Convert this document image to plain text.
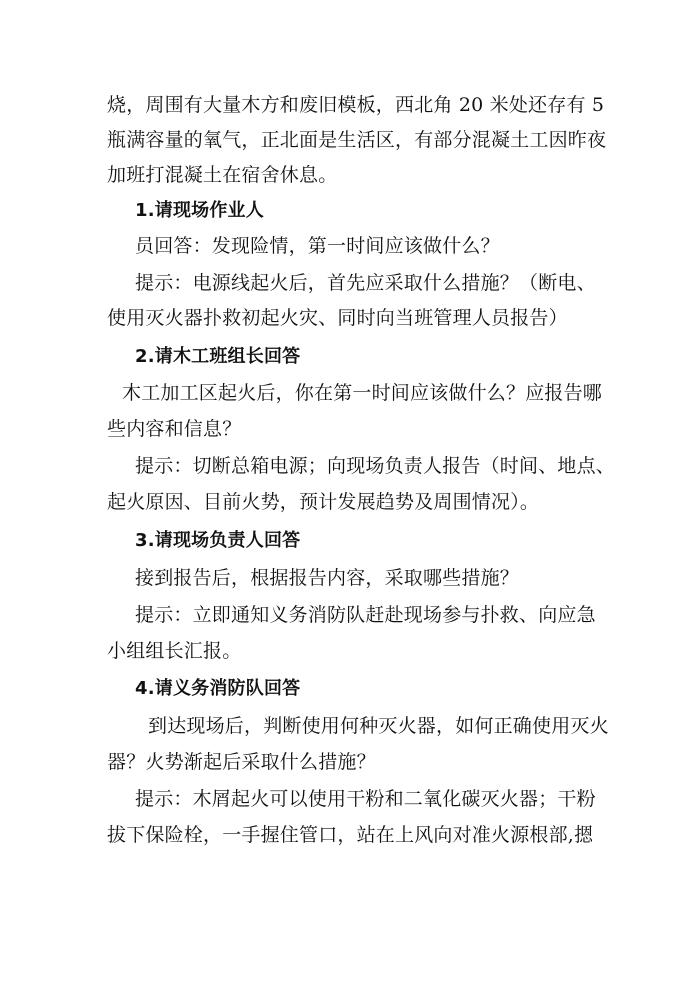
烧，周围有大量木方和废旧模板，西北角 20 米处还存有 5
瓶满容量的氧气，正北面是生活区，有部分混凝土工因昨夜
加班打混凝土在宿舍休息。
1.请现场作业人
员回答：发现险情，第一时间应该做什么？
提示：电源线起火后，首先应采取什么措施？（断电、
使用灭火器扑救初起火灾、同时向当班管理人员报告）
2.请木工班组长回答
木工加工区起火后，你在第一时间应该做什么？应报告哪
些内容和信息？
提示：切断总箱电源；向现场负责人报告（时间、地点、
起火原因、目前火势，预计发展趋势及周围情况）。
3.请现场负责人回答
接到报告后，根据报告内容，采取哪些措施？
提示：立即通知义务消防队赶赴现场参与扑救、向应急
小组组长汇报。
4.请义务消防队回答
到达现场后，判断使用何种灭火器，如何正确使用灭火
器？火势渐起后采取什么措施？
提示：木屑起火可以使用干粉和二氧化碳灭火器；干粉
拔下保险栓，一手握住管口，站在上风向对准火源根部,摁
